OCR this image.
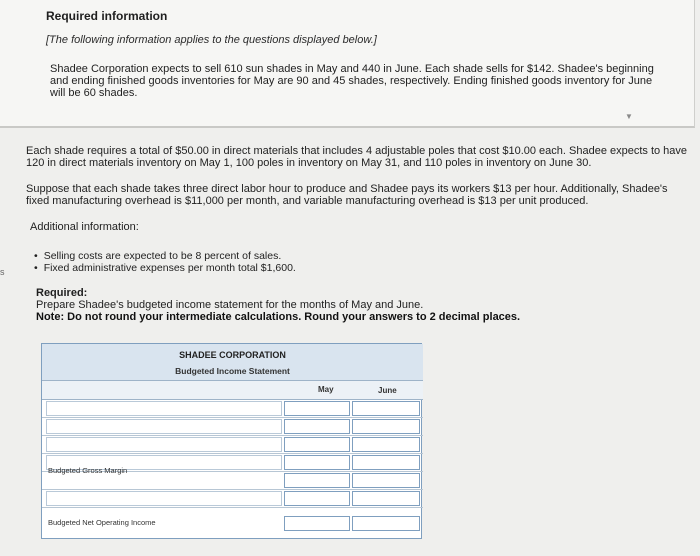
Required information
[The following information applies to the questions displayed below.]
Shadee Corporation expects to sell 610 sun shades in May and 440 in June. Each shade sells for $142. Shadee's beginning and ending finished goods inventories for May are 90 and 45 shades, respectively. Ending finished goods inventory for June will be 60 shades.
▼
Each shade requires a total of $50.00 in direct materials that includes 4 adjustable poles that cost $10.00 each. Shadee expects to have 120 in direct materials inventory on May 1, 100 poles in inventory on May 31, and 110 poles in inventory on June 30.
Suppose that each shade takes three direct labor hour to produce and Shadee pays its workers $13 per hour. Additionally, Shadee's fixed manufacturing overhead is $11,000 per month, and variable manufacturing overhead is $13 per unit produced.
Additional information:
• Selling costs are expected to be 8 percent of sales.
• Fixed administrative expenses per month total $1,600.
s
Required:
Prepare Shadee's budgeted income statement for the months of May and June.
Note: Do not round your intermediate calculations. Round your answers to 2 decimal places.
SHADEE CORPORATION
Budgeted Income Statement
May	June
Budgeted Gross Margin
Budgeted Net Operating Income
